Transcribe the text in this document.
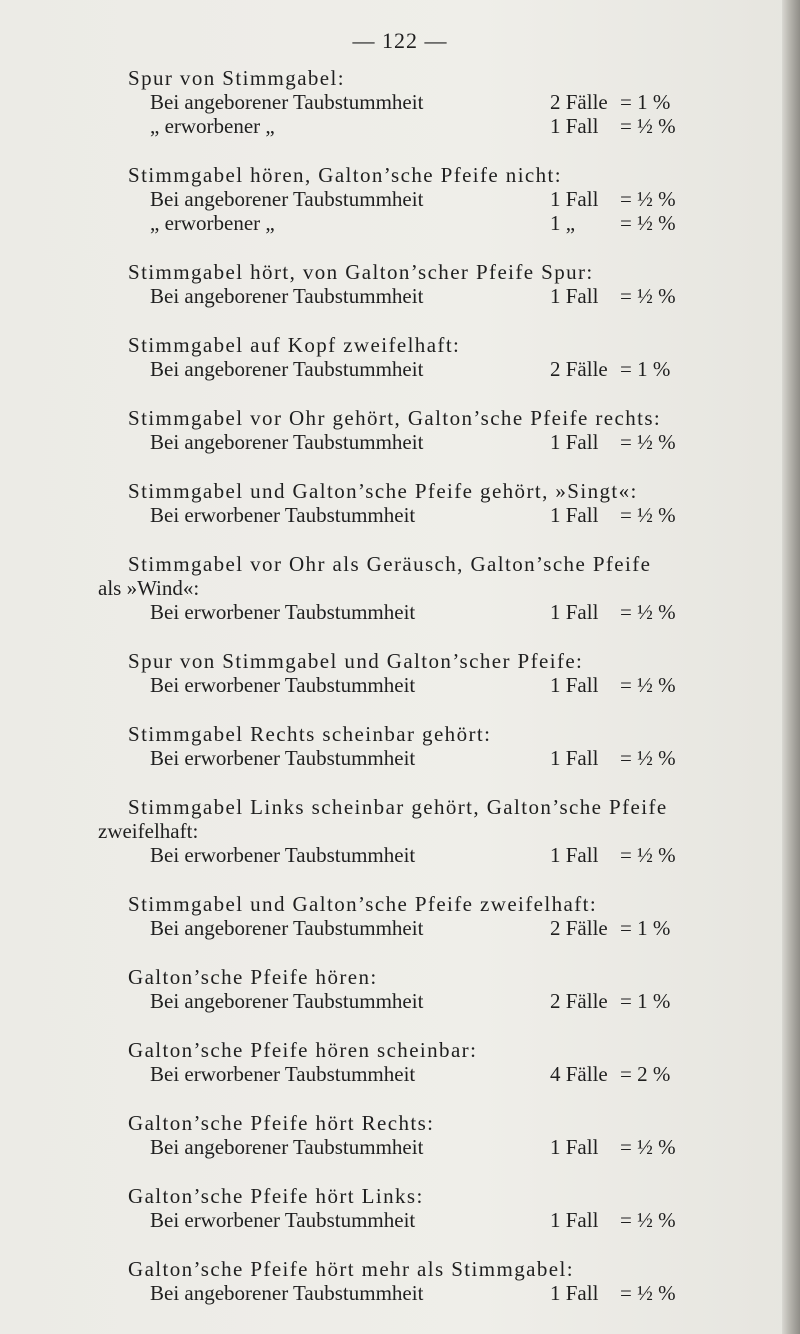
— 122 —
Spur von Stimmgabel:
Bei angeborener Taubstummheit	2 Fälle = 1 %
„ erworbener „	1 Fall	= ½ %
Stimmgabel hören, Galton’sche Pfeife nicht:
Bei angeborener Taubstummheit	1 Fall	= ½ %
„ erworbener „	1 „	= ½ %
Stimmgabel hört, von Galton’scher Pfeife Spur:
Bei angeborener Taubstummheit	1 Fall	= ½ %
Stimmgabel auf Kopf zweifelhaft:
Bei angeborener Taubstummheit	2 Fälle = 1 %
Stimmgabel vor Ohr gehört, Galton’sche Pfeife rechts:
Bei angeborener Taubstummheit	1 Fall	= ½ %
Stimmgabel und Galton’sche Pfeife gehört, »Singt«:
Bei erworbener Taubstummheit	1 Fall	= ½ %
Stimmgabel vor Ohr als Geräusch, Galton’sche Pfeife
als »Wind«:
Bei erworbener Taubstummheit	1 Fall	= ½ %
Spur von Stimmgabel und Galton’scher Pfeife:
Bei erworbener Taubstummheit	1 Fall	= ½ %
Stimmgabel Rechts scheinbar gehört:
Bei erworbener Taubstummheit	1 Fall	= ½ %
Stimmgabel Links scheinbar gehört, Galton’sche Pfeife
zweifelhaft:
Bei erworbener Taubstummheit	1 Fall	= ½ %
Stimmgabel und Galton’sche Pfeife zweifelhaft:
Bei angeborener Taubstummheit	2 Fälle = 1 %
Galton’sche Pfeife hören:
Bei angeborener Taubstummheit	2 Fälle = 1 %
Galton’sche Pfeife hören scheinbar:
Bei erworbener Taubstummheit	4 Fälle = 2 %
Galton’sche Pfeife hört Rechts:
Bei angeborener Taubstummheit	1 Fall	= ½ %
Galton’sche Pfeife hört Links:
Bei erworbener Taubstummheit	1 Fall	= ½ %
Galton’sche Pfeife hört mehr als Stimmgabel:
Bei angeborener Taubstummheit	1 Fall	= ½ %
